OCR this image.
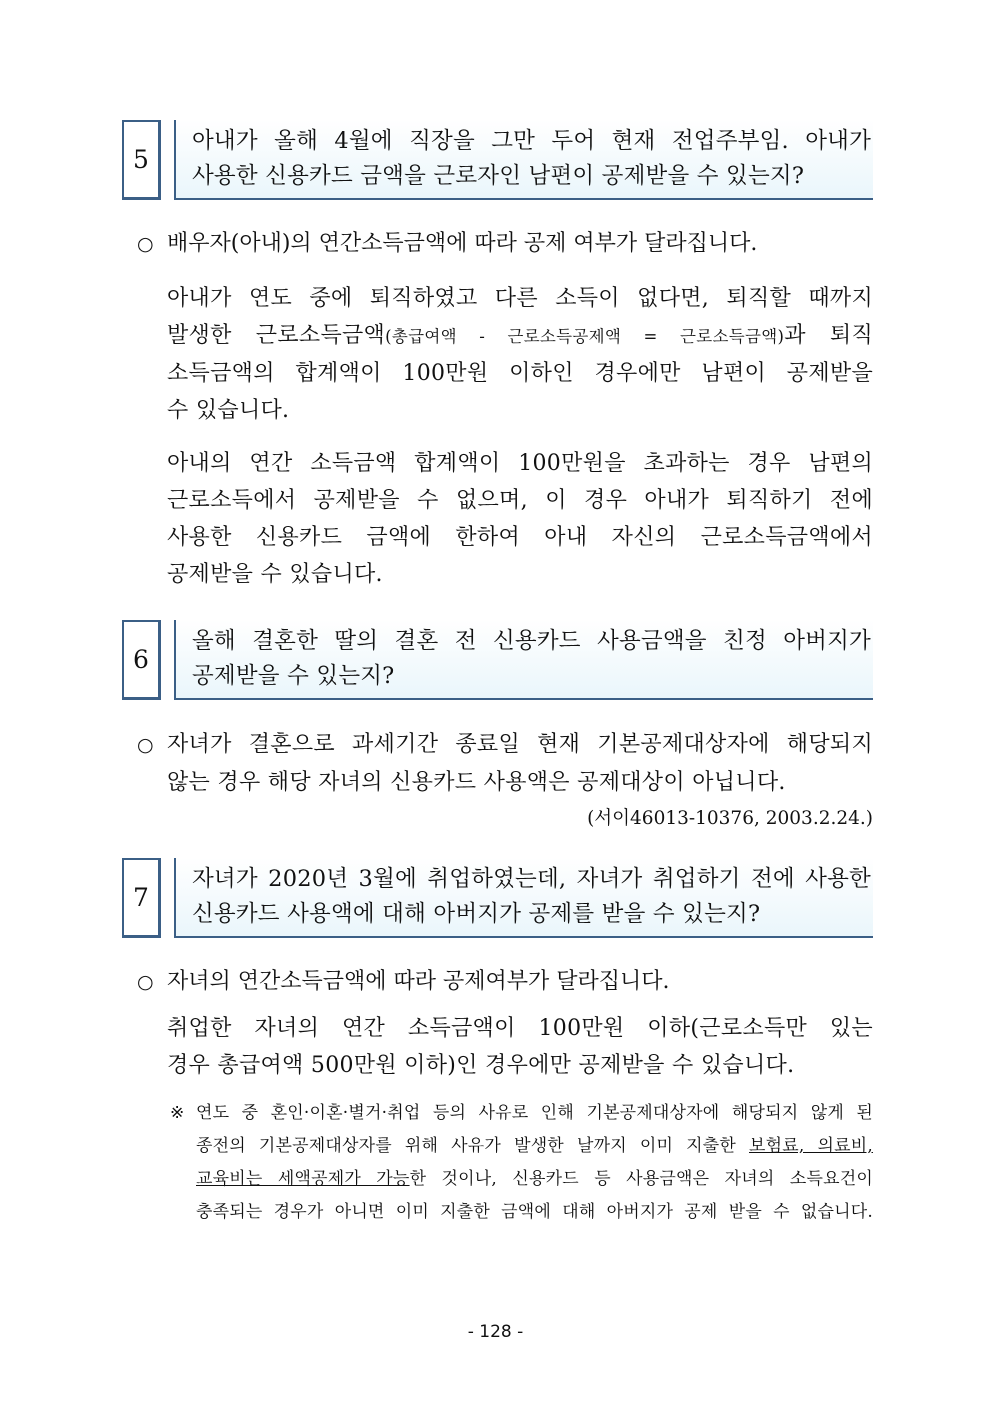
5
아내가 올해 4월에 직장을 그만 두어 현재 전업주부임. 아내가
사용한 신용카드 금액을 근로자인 남편이 공제받을 수 있는지?
○ 배우자(아내)의 연간소득금액에 따라 공제 여부가 달라집니다.
아내가 연도 중에 퇴직하였고 다른 소득이 없다면, 퇴직할 때까지
발생한 근로소득금액(총급여액 - 근로소득공제액 = 근로소득금액)과 퇴직
소득금액의 합계액이 100만원 이하인 경우에만 남편이 공제받을
수 있습니다.
아내의 연간 소득금액 합계액이 100만원을 초과하는 경우 남편의
근로소득에서 공제받을 수 없으며, 이 경우 아내가 퇴직하기 전에
사용한 신용카드 금액에 한하여 아내 자신의 근로소득금액에서
공제받을 수 있습니다.
6
올해 결혼한 딸의 결혼 전 신용카드 사용금액을 친정 아버지가
공제받을 수 있는지?
○ 자녀가 결혼으로 과세기간 종료일 현재 기본공제대상자에 해당되지
않는 경우 해당 자녀의 신용카드 사용액은 공제대상이 아닙니다.
(서이46013-10376, 2003.2.24.)
7
자녀가 2020년 3월에 취업하였는데, 자녀가 취업하기 전에 사용한
신용카드 사용액에 대해 아버지가 공제를 받을 수 있는지?
○ 자녀의 연간소득금액에 따라 공제여부가 달라집니다.
취업한 자녀의 연간 소득금액이 100만원 이하(근로소득만 있는
경우 총급여액 500만원 이하)인 경우에만 공제받을 수 있습니다.
※ 연도 중 혼인·이혼·별거·취업 등의 사유로 인해 기본공제대상자에 해당되지 않게 된
종전의 기본공제대상자를 위해 사유가 발생한 날까지 이미 지출한 보험료, 의료비,
교육비는 세액공제가 가능한 것이나, 신용카드 등 사용금액은 자녀의 소득요건이
충족되는 경우가 아니면 이미 지출한 금액에 대해 아버지가 공제 받을 수 없습니다.
- 128 -
